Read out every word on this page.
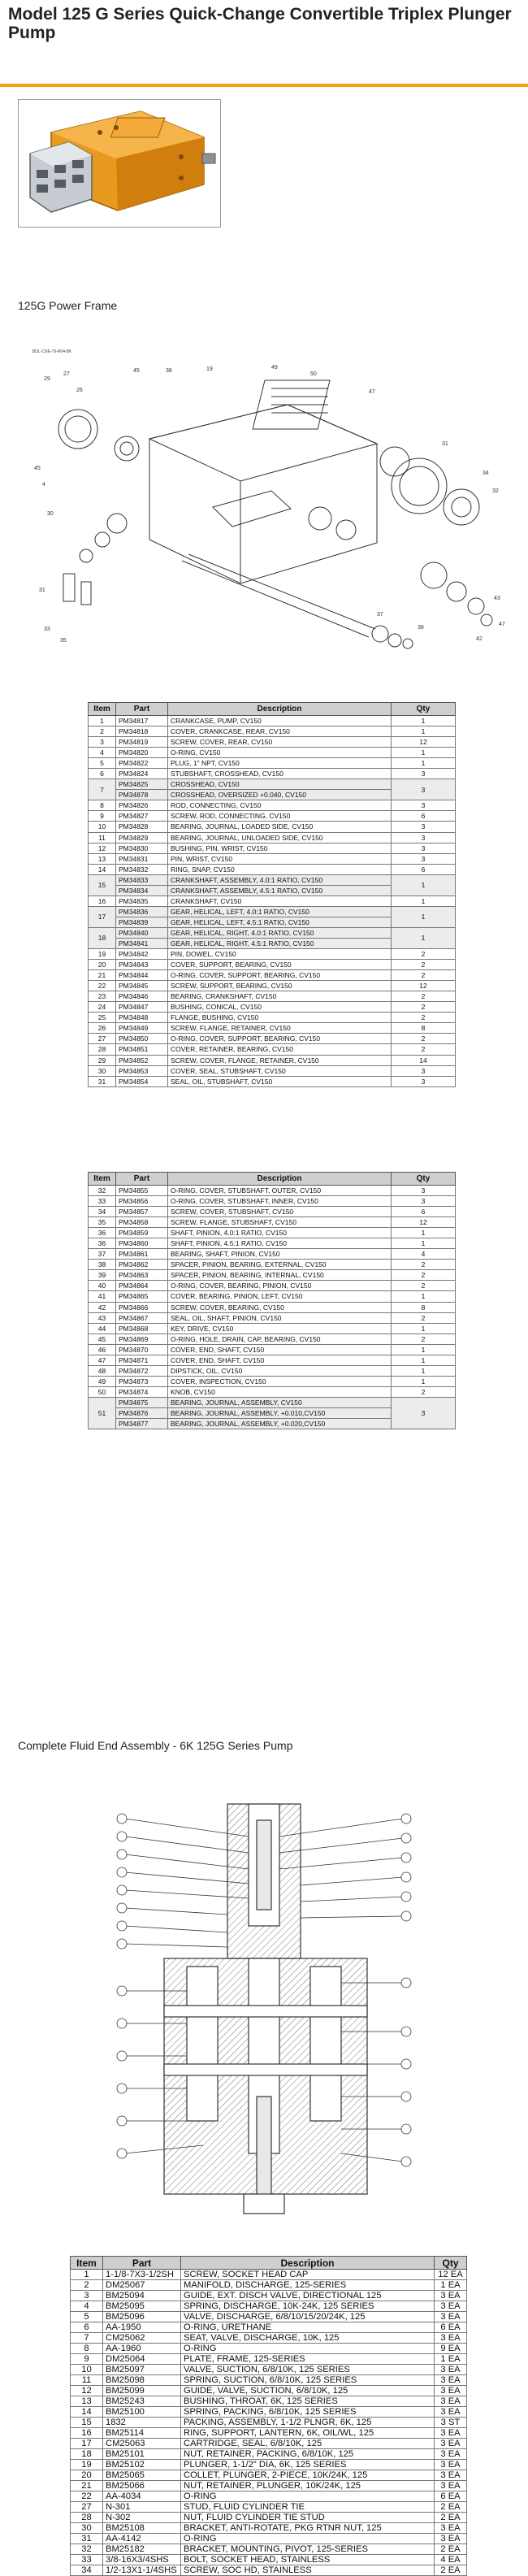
Model 125 G Series Quick-Change Convertible Triplex Plunger Pump
125G Power Frame
BDL-CNE-79-R04-BK
29
27
26
45	38	19	49
50
47
31
34
32
45
4
30
31
33
35
37
38
42
43
47
Item	Part	Description	Qty
1	PM34817	CRANKCASE, PUMP, CV150	1
2	PM34818	COVER, CRANKCASE, REAR, CV150	1
3	PM34819	SCREW, COVER, REAR, CV150	12
4	PM34820	O-RING, CV150	1
5	PM34822	PLUG, 1" NPT, CV150	1
6	PM34824	STUBSHAFT, CROSSHEAD, CV150	3
7	PM34825	CROSSHEAD, CV150	3
	PM34878	CROSSHEAD, OVERSIZED +0.040, CV150	
8	PM34826	ROD, CONNECTING, CV150	3
9	PM34827	SCREW, ROD, CONNECTING, CV150	6
10	PM34828	BEARING, JOURNAL, LOADED SIDE, CV150	3
11	PM34829	BEARING, JOURNAL, UNLOADED SIDE, CV150	3
12	PM34830	BUSHING, PIN, WRIST, CV150	3
13	PM34831	PIN, WRIST, CV150	3
14	PM34832	RING, SNAP, CV150	6
15	PM34833	CRANKSHAFT, ASSEMBLY, 4.0:1 RATIO, CV150	1
	PM34834	CRANKSHAFT, ASSEMBLY, 4.5:1 RATIO, CV150	
16	PM34835	CRANKSHAFT, CV150	1
17	PM34836	GEAR, HELICAL, LEFT, 4.0:1 RATIO, CV150	1
	PM34839	GEAR, HELICAL, LEFT, 4.5:1 RATIO, CV150	
18	PM34840	GEAR, HELICAL, RIGHT, 4.0:1 RATIO, CV150	1
	PM34841	GEAR, HELICAL, RIGHT, 4.5:1 RATIO, CV150	
19	PM34842	PIN, DOWEL, CV150	2
20	PM34843	COVER, SUPPORT, BEARING, CV150	2
21	PM34844	O-RING, COVER, SUPPORT, BEARING, CV150	2
22	PM34845	SCREW, SUPPORT, BEARING, CV150	12
23	PM34846	BEARING, CRANKSHAFT, CV150	2
24	PM34847	BUSHING, CONICAL, CV150	2
25	PM34848	FLANGE, BUSHING, CV150	2
26	PM34849	SCREW, FLANGE, RETAINER, CV150	8
27	PM34850	O-RING, COVER, SUPPORT, BEARING, CV150	2
28	PM34851	COVER, RETAINER, BEARING, CV150	2
29	PM34852	SCREW, COVER, FLANGE, RETAINER, CV150	14
30	PM34853	COVER, SEAL, STUBSHAFT, CV150	3
31	PM34854	SEAL, OIL, STUBSHAFT, CV150	3
Item	Part	Description	Qty
32	PM34855	O-RING, COVER, STUBSHAFT, OUTER, CV150	3
33	PM34856	O-RING, COVER, STUBSHAFT, INNER, CV150	3
34	PM34857	SCREW, COVER, STUBSHAFT, CV150	6
35	PM34858	SCREW, FLANGE, STUBSHAFT, CV150	12
36	PM34859	SHAFT, PINION, 4.0:1 RATIO, CV150	1
36	PM34860	SHAFT, PINION, 4.5:1 RATIO, CV150	1
37	PM34861	BEARING, SHAFT, PINION, CV150	4
38	PM34862	SPACER, PINION, BEARING, EXTERNAL, CV150	2
39	PM34863	SPACER, PINION, BEARING, INTERNAL, CV150	2
40	PM34864	O-RING, COVER, BEARING, PINION, CV150	2
41	PM34865	COVER, BEARING, PINION, LEFT, CV150	1
42	PM34866	SCREW, COVER, BEARING, CV150	8
43	PM34867	SEAL, OIL, SHAFT, PINION, CV150	2
44	PM34868	KEY, DRIVE, CV150	1
45	PM34869	O-RING, HOLE, DRAIN, CAP, BEARING, CV150	2
46	PM34870	COVER, END, SHAFT, CV150	1
47	PM34871	COVER, END, SHAFT, CV150	1
48	PM34872	DIPSTICK, OIL, CV150	1
49	PM34873	COVER, INSPECTION, CV150	1
50	PM34874	KNOB, CV150	2
51	PM34875	BEARING, JOURNAL, ASSEMBLY, CV150	3
	PM34876	BEARING, JOURNAL, ASSEMBLY, +0.010,CV150	
	PM34877	BEARING, JOURNAL, ASSEMBLY, +0.020,CV150	
Complete Fluid End Assembly - 6K 125G Series Pump
Item	Part	Description	Qty
1	1-1/8-7X3-1/2SH	SCREW, SOCKET HEAD CAP	12 EA
2	DM25067	MANIFOLD, DISCHARGE, 125-SERIES	1 EA
3	BM25094	GUIDE, EXT. DISCH VALVE, DIRECTIONAL 125	3 EA
4	BM25095	SPRING, DISCHARGE, 10K-24K, 125 SERIES	3 EA
5	BM25096	VALVE, DISCHARGE, 6/8/10/15/20/24K, 125	3 EA
6	AA-1950	O-RING, URETHANE	6 EA
7	CM25062	SEAT, VALVE, DISCHARGE, 10K, 125	3 EA
8	AA-1960	O-RING	9 EA
9	DM25064	PLATE, FRAME, 125-SERIES	1 EA
10	BM25097	VALVE, SUCTION, 6/8/10K, 125 SERIES	3 EA
11	BM25098	SPRING, SUCTION, 6/8/10K, 125 SERIES	3 EA
12	BM25099	GUIDE, VALVE, SUCTION, 6/8/10K, 125	3 EA
13	BM25243	BUSHING, THROAT, 6K, 125 SERIES	3 EA
14	BM25100	SPRING, PACKING, 6/8/10K, 125 SERIES	3 EA
15	1832	PACKING, ASSEMBLY, 1-1/2 PLNGR, 6K, 125	3 ST
16	BM25114	RING, SUPPORT, LANTERN, 6K, OIL/WL, 125	3 EA
17	CM25063	CARTRIDGE, SEAL, 6/8/10K, 125	3 EA
18	BM25101	NUT, RETAINER, PACKING, 6/8/10K, 125	3 EA
19	BM25102	PLUNGER, 1-1/2" DIA, 6K, 125 SERIES	3 EA
20	BM25065	COLLET, PLUNGER, 2-PIECE, 10K/24K, 125	3 EA
21	BM25066	NUT, RETAINER, PLUNGER, 10K/24K, 125	3 EA
22	AA-4034	O-RING	6 EA
27	N-301	STUD, FLUID CYLINDER TIE	2 EA
28	N-302	NUT, FLUID CYLINDER TIE STUD	2 EA
30	BM25108	BRACKET, ANTI-ROTATE, PKG RTNR NUT, 125	3 EA
31	AA-4142	O-RING	3 EA
32	BM25182	BRACKET, MOUNTING, PIVOT, 125-SERIES	2 EA
33	3/8-16X3/4SHS	BOLT, SOCKET HEAD, STAINLESS	4 EA
34	1/2-13X1-1/4SHS	SCREW, SOC HD, STAINLESS	2 EA
